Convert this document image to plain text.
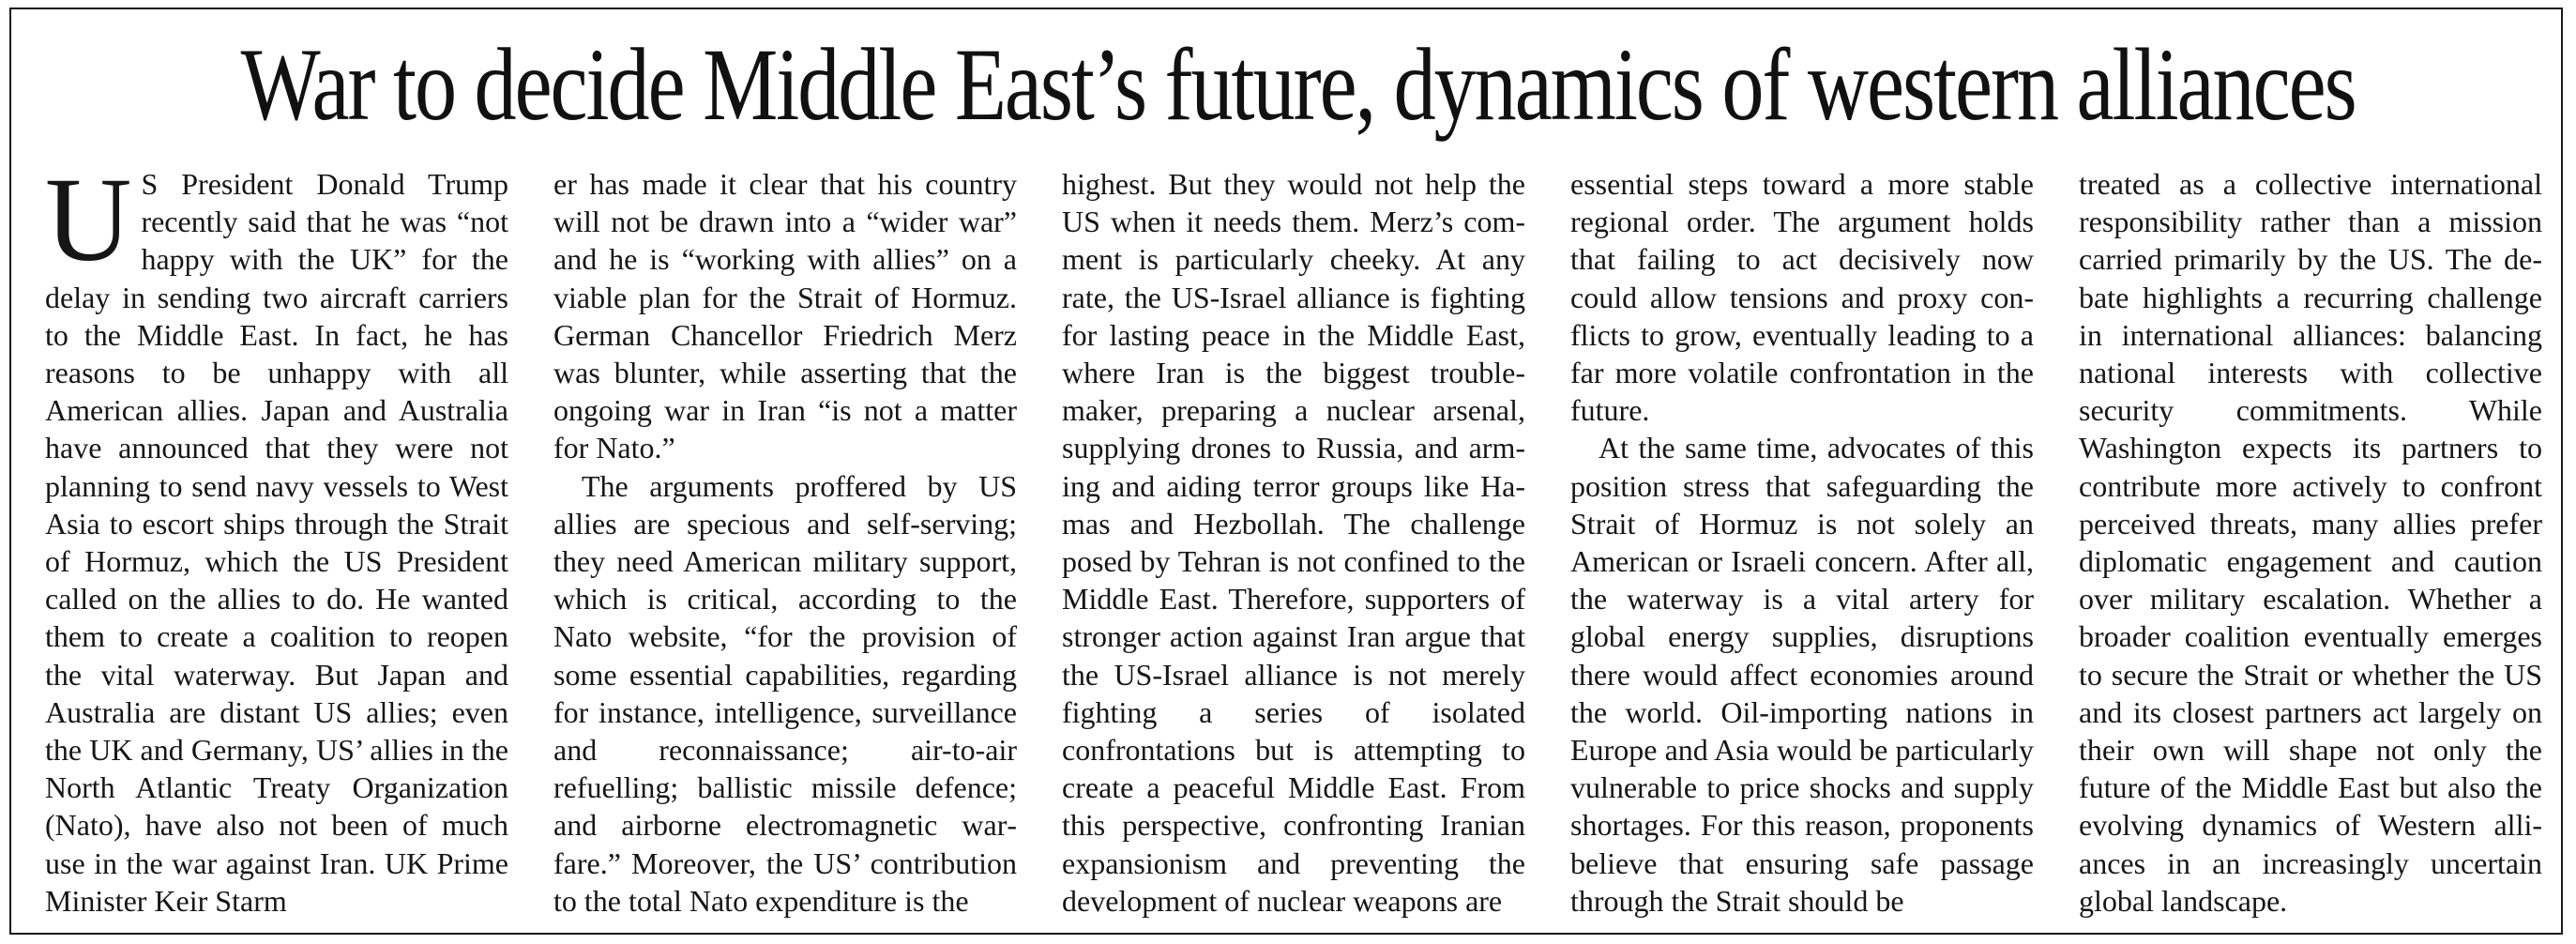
War to decide Middle East’s future, dynamics of western alliances

U S President Donald Trump recently said that he was “not happy with the UK” for the delay in sending two aircraft carriers to the Middle East. In fact, he has reasons to be unhappy with all American allies. Japan and Australia have announced that they were not planning to send navy vessels to West Asia to escort ships through the Strait of Hormuz, which the US President called on the allies to do. He wanted them to create a coalition to reopen the vital waterway. But Japan and Australia are distant US allies; even the UK and Germany, US’ allies in the North Atlantic Treaty Organization (Nato), have also not been of much use in the war against Iran. UK Prime Minister Keir Starm

er has made it clear that his country will not be drawn into a “wider war” and he is “working with allies” on a viable plan for the Strait of Hormuz. German Chancellor Friedrich Merz was blunter, while asserting that the ongoing war in Iran “is not a matter for Nato.”

The arguments proffered by US allies are specious and self-serving; they need American military support, which is critical, according to the Nato website, “for the provision of some essential capabilities, regarding for instance, intelligence, surveillance and reconnaissance; air-to-air refuelling; ballistic missile defence; and airborne electromagnetic warfare.” Moreover, the US’ contribution to the total Nato expenditure is the

highest. But they would not help the US when it needs them. Merz’s comment is particularly cheeky. At any rate, the US-Israel alliance is fighting for lasting peace in the Middle East, where Iran is the biggest troublemaker, preparing a nuclear arsenal, supplying drones to Russia, and arming and aiding terror groups like Hamas and Hezbollah. The challenge posed by Tehran is not confined to the Middle East. Therefore, supporters of stronger action against Iran argue that the US-Israel alliance is not merely fighting a series of isolated confrontations but is attempting to create a peaceful Middle East. From this perspective, confronting Iranian expansionism and preventing the development of nuclear weapons are

essential steps toward a more stable regional order. The argument holds that failing to act decisively now could allow tensions and proxy conflicts to grow, eventually leading to a far more volatile confrontation in the future.

At the same time, advocates of this position stress that safeguarding the Strait of Hormuz is not solely an American or Israeli concern. After all, the waterway is a vital artery for global energy supplies, disruptions there would affect economies around the world. Oil-importing nations in Europe and Asia would be particularly vulnerable to price shocks and supply shortages. For this reason, proponents believe that ensuring safe passage through the Strait should be

treated as a collective international responsibility rather than a mission carried primarily by the US. The debate highlights a recurring challenge in international alliances: balancing national interests with collective security commitments. While Washington expects its partners to contribute more actively to confront perceived threats, many allies prefer diplomatic engagement and caution over military escalation. Whether a broader coalition eventually emerges to secure the Strait or whether the US and its closest partners act largely on their own will shape not only the future of the Middle East but also the evolving dynamics of Western alliances in an increasingly uncertain global landscape.
